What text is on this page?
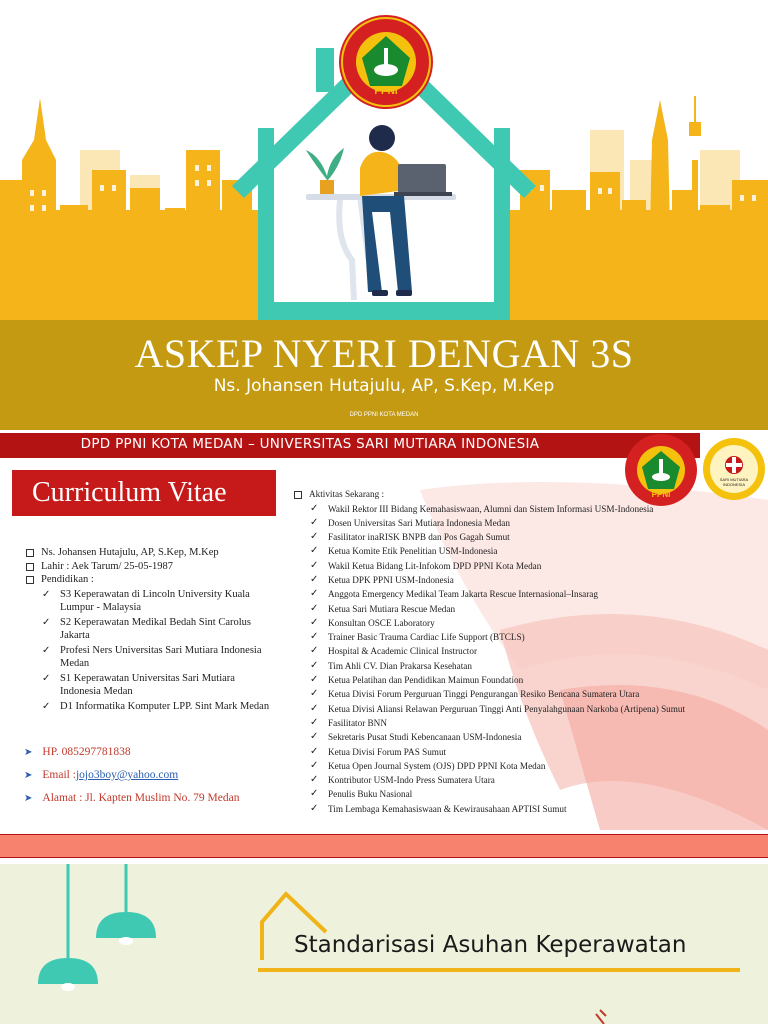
PPNI
ASKEP NYERI DENGAN 3S
Ns. Johansen Hutajulu, AP, S.Kep, M.Kep
DPD PPNI KOTA MEDAN
DPD PPNI KOTA MEDAN – UNIVERSITAS SARI MUTIARA INDONESIA
PPNI
SARI MUTIARA INDONESIA
Curriculum Vitae
Ns. Johansen Hutajulu, AP, S.Kep, M.Kep
Lahir : Aek Tarum/ 25-05-1987
Pendidikan :
✓ S3 Keperawatan di Lincoln University Kuala Lumpur - Malaysia
✓ S2 Keperawatan Medikal Bedah Sint Carolus Jakarta
✓ Profesi Ners Universitas Sari Mutiara Indonesia Medan
✓ S1 Keperawatan Universitas Sari Mutiara Indonesia Medan
✓ D1 Informatika Komputer LPP. Sint Mark Medan
➤ HP. 085297781838
➤ Email : jojo3boy@yahoo.com
➤ Alamat : Jl. Kapten Muslim No. 79 Medan
Aktivitas Sekarang :
✓	Wakil Rektor III Bidang Kemahasiswaan, Alumni dan Sistem Informasi USM-Indonesia
✓	Dosen Universitas Sari Mutiara Indonesia Medan
✓	Fasilitator inaRISK BNPB dan Pos Gagah Sumut
✓	Ketua Komite Etik Penelitian USM-Indonesia
✓	Wakil Ketua Bidang Lit-Infokom DPD PPNI Kota Medan
✓	Ketua DPK PPNI USM-Indonesia
✓	Anggota Emergency Medikal Team Jakarta Rescue Internasional–Insarag
✓	Ketua Sari Mutiara Rescue Medan
✓	Konsultan OSCE Laboratory
✓	Trainer Basic Trauma Cardiac Life Support (BTCLS)
✓	Hospital & Academic Clinical Instructor
✓	Tim Ahli CV. Dian Prakarsa Kesehatan
✓	Ketua Pelatihan dan Pendidikan Maimun Foundation
✓	Ketua Divisi Forum Perguruan Tinggi Pengurangan Resiko Bencana Sumatera Utara
✓	Ketua Divisi Aliansi Relawan Perguruan Tinggi Anti Penyalahgunaan Narkoba (Artipena) Sumut
✓	Fasilitator BNN
✓	Sekretaris Pusat Studi Kebencanaan USM-Indonesia
✓	Ketua Divisi Forum PAS Sumut
✓	Ketua Open Journal System (OJS) DPD PPNI Kota Medan
✓	Kontributor USM-Indo Press Sumatera Utara
✓	Penulis Buku Nasional
✓	Tim Lembaga Kemahasiswaan & Kewirausahaan APTISI Sumut
Standarisasi Asuhan Keperawatan
